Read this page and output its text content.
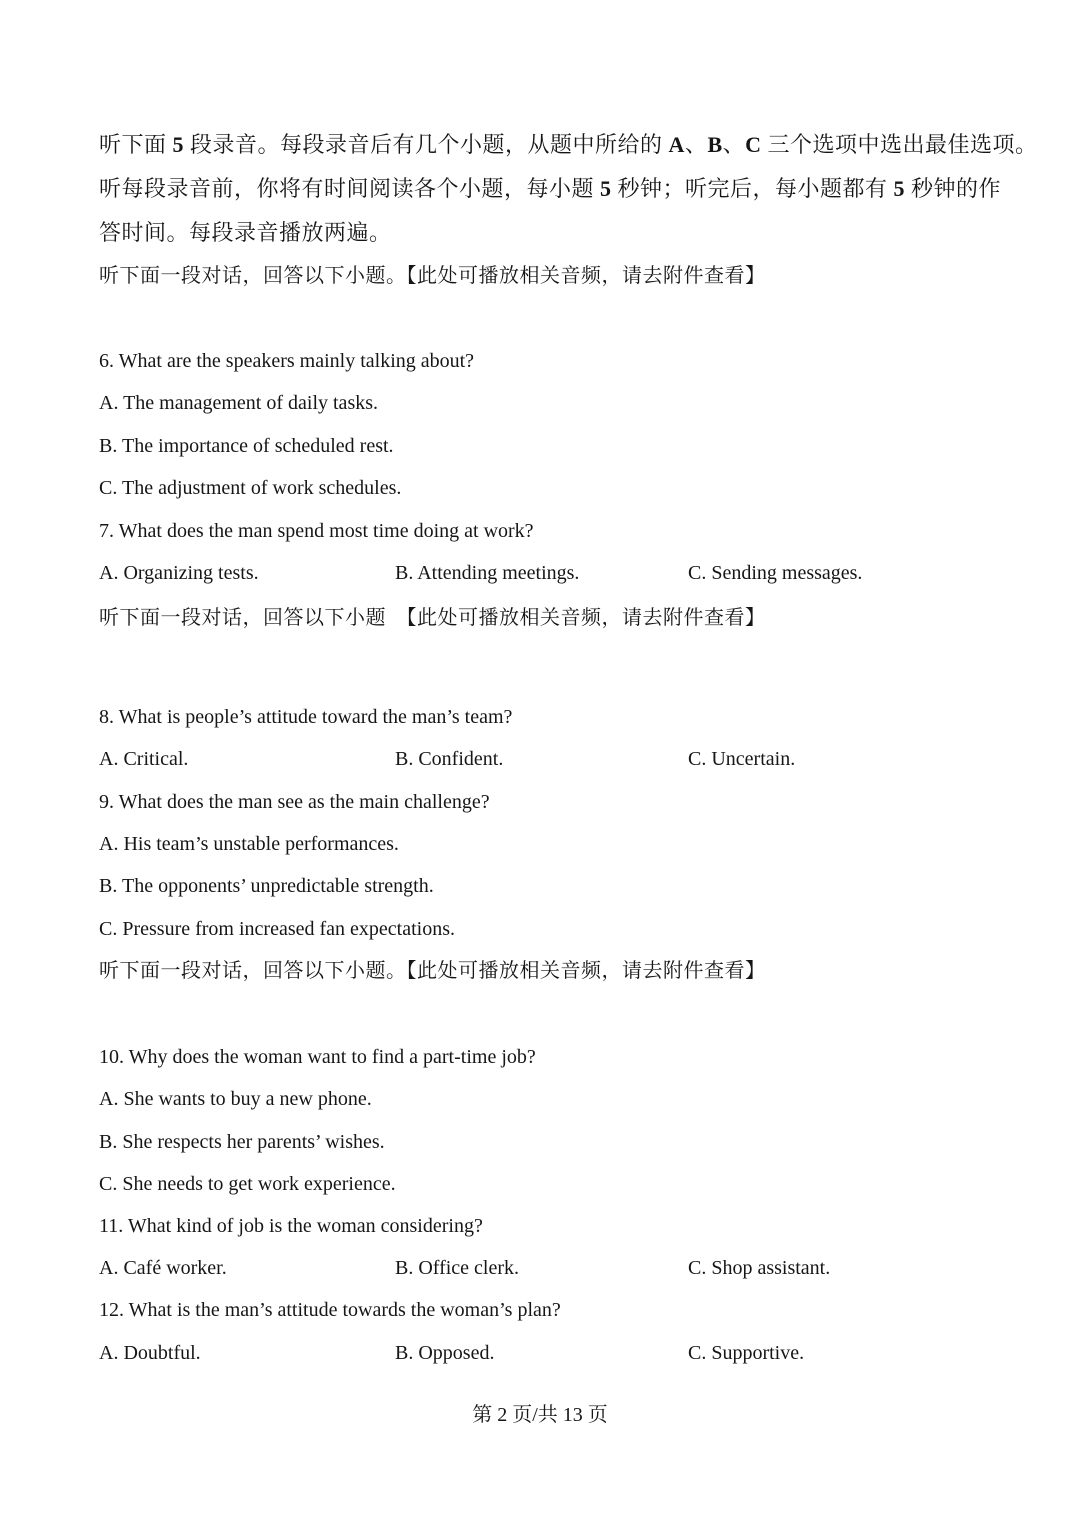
听下面 5 段录音。每段录音后有几个小题，从题中所给的 A、B、C 三个选项中选出最佳选项。
听每段录音前，你将有时间阅读各个小题，每小题 5 秒钟；听完后，每小题都有 5 秒钟的作
答时间。每段录音播放两遍。
听下面一段对话，回答以下小题。【此处可播放相关音频，请去附件查看】
6. What are the speakers mainly talking about?
A. The management of daily tasks.
B. The importance of scheduled rest.
C. The adjustment of work schedules.
7. What does the man spend most time doing at work?
A. Organizing tests.	B. Attending meetings.	C. Sending messages.
听下面一段对话，回答以下小题　【此处可播放相关音频，请去附件查看】
8. What is people’s attitude toward the man’s team?
A. Critical.	B. Confident.	C. Uncertain.
9. What does the man see as the main challenge?
A. His team’s unstable performances.
B. The opponents’ unpredictable strength.
C. Pressure from increased fan expectations.
听下面一段对话，回答以下小题。【此处可播放相关音频，请去附件查看】
10. Why does the woman want to find a part-time job?
A. She wants to buy a new phone.
B. She respects her parents’ wishes.
C. She needs to get work experience.
11. What kind of job is the woman considering?
A. Café worker.	B. Office clerk.	C. Shop assistant.
12. What is the man’s attitude towards the woman’s plan?
A. Doubtful.	B. Opposed.	C. Supportive.
第 2 页/共 13 页
